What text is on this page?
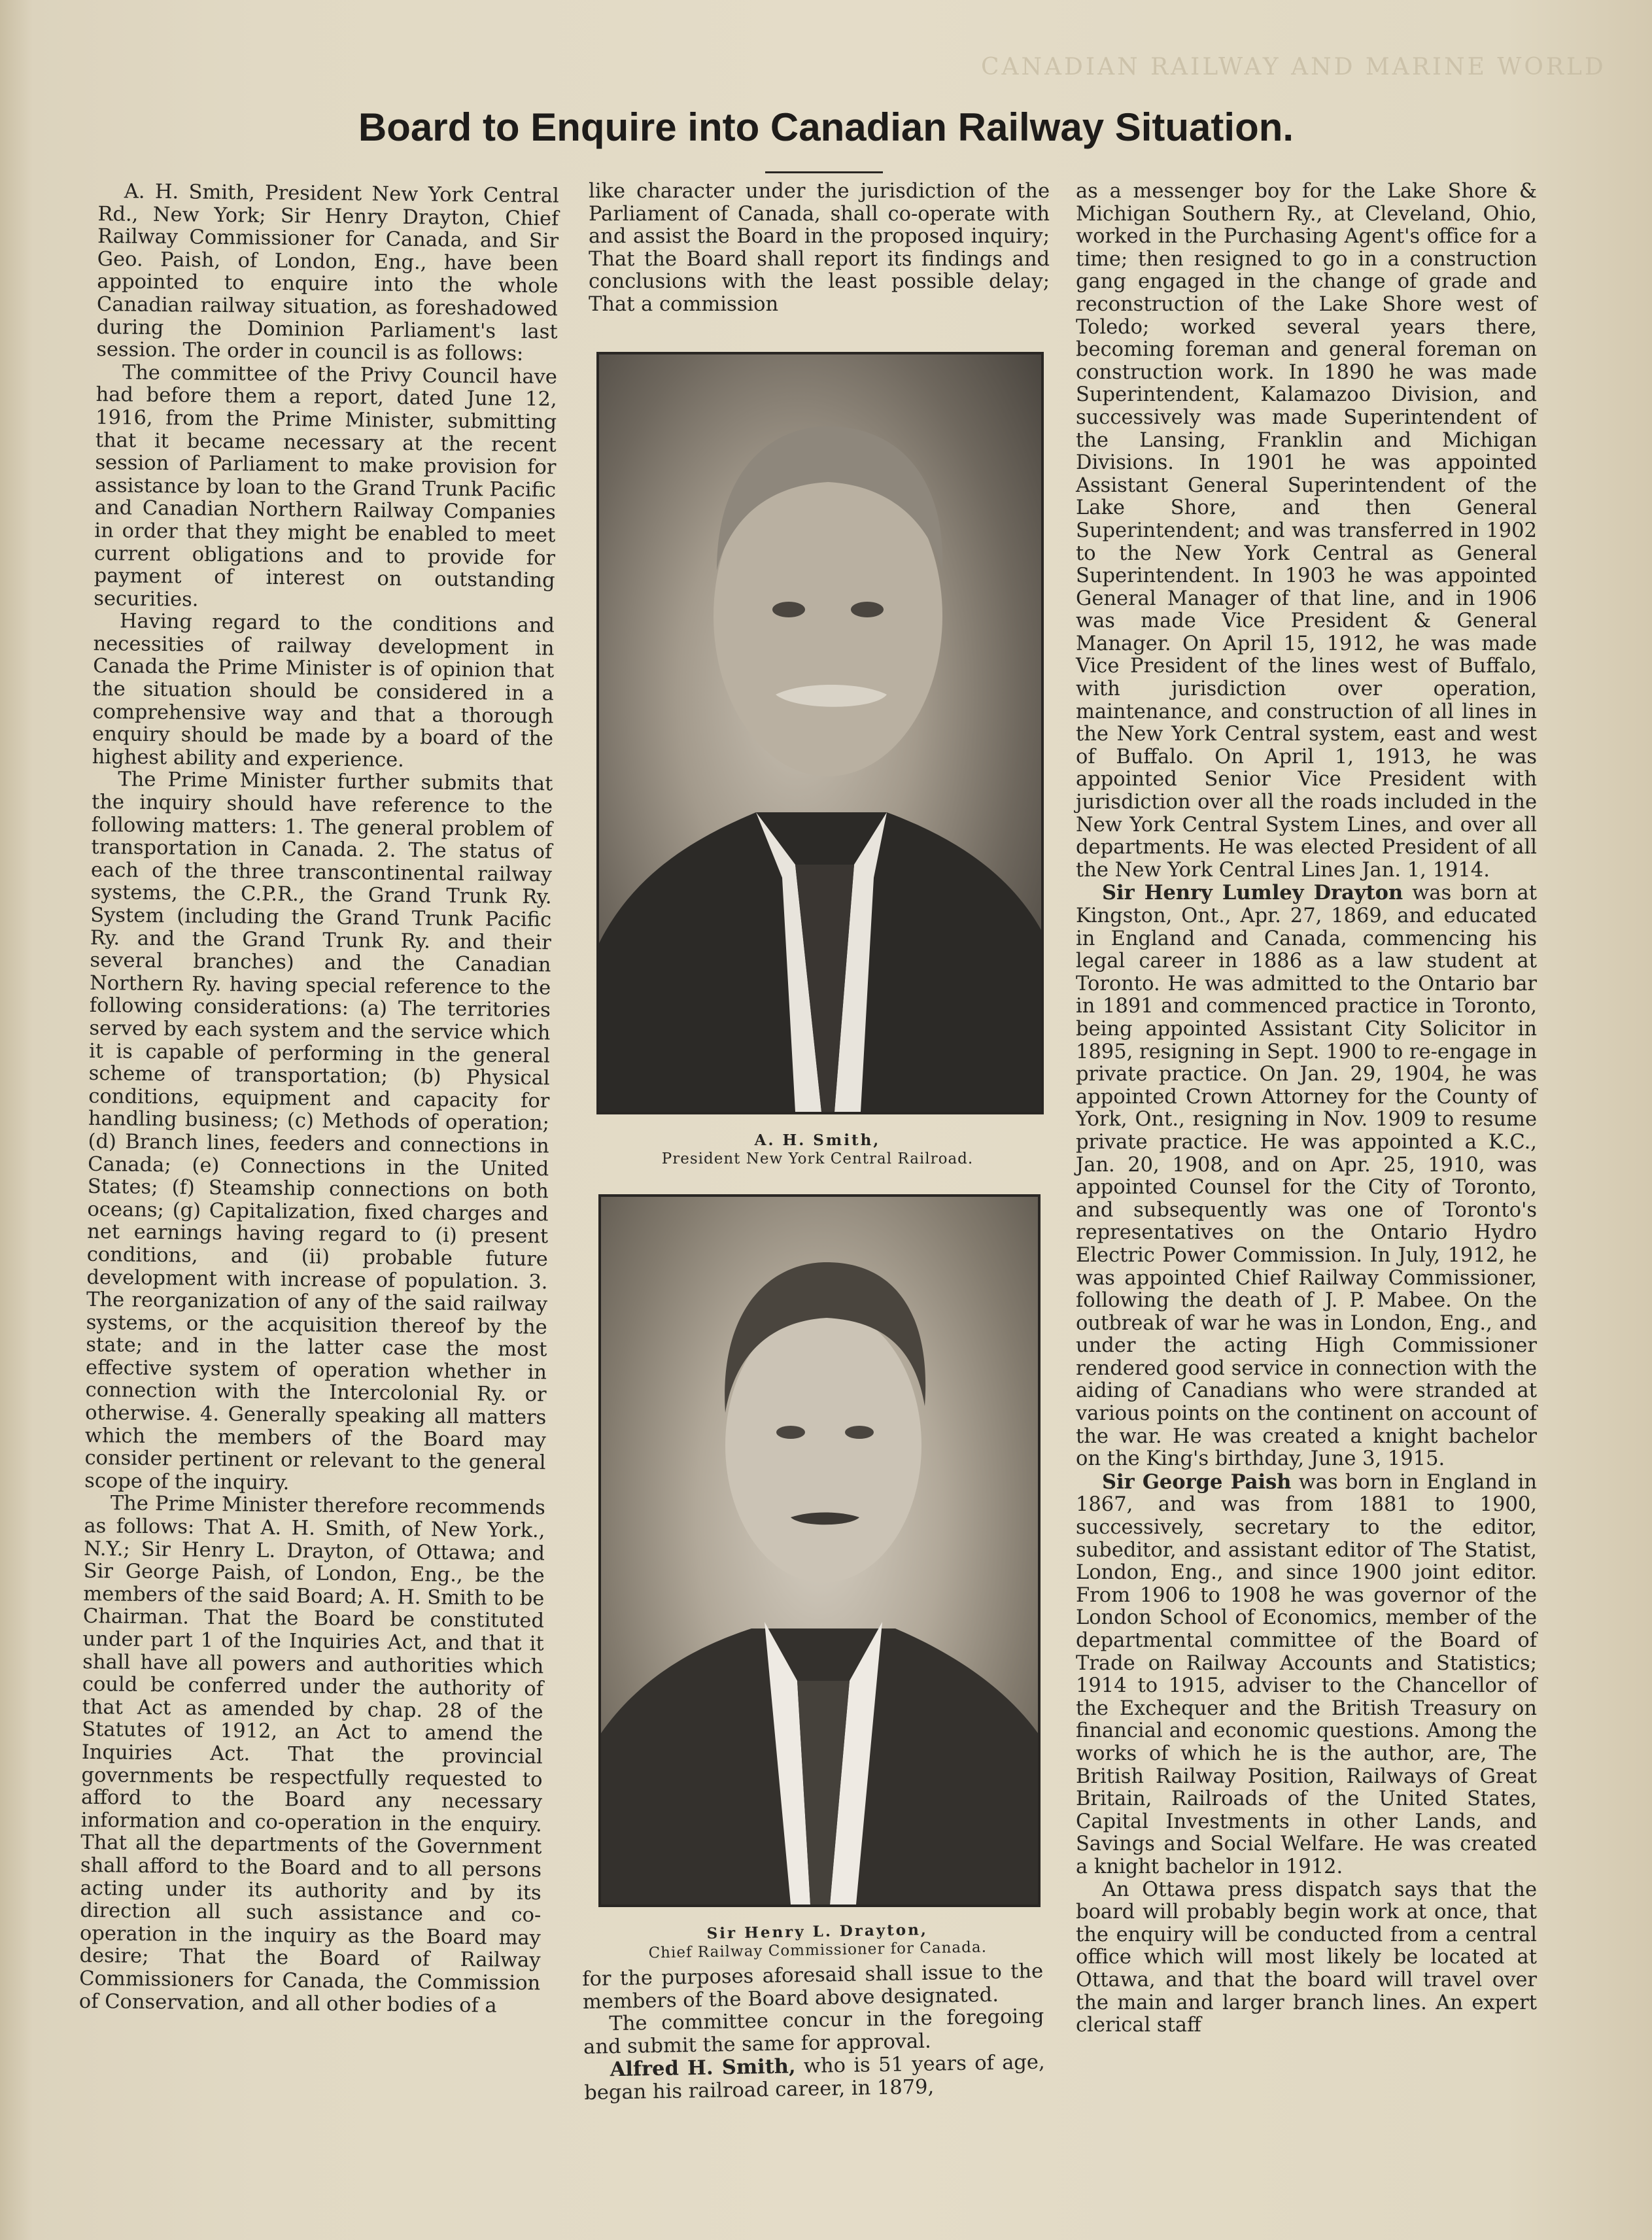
CANADIAN RAILWAY AND MARINE WORLD
Board to Enquire into Canadian Railway Situation.

A. H. Smith, President New York Central Rd., New York; Sir Henry Drayton, Chief Railway Commissioner for Canada, and Sir Geo. Paish, of London, Eng., have been appointed to enquire into the whole Canadian railway situation, as foreshadowed during the Dominion Parliament's last session. The order in council is as follows:

The committee of the Privy Council have had before them a report, dated June 12, 1916, from the Prime Minister, submitting that it became necessary at the recent session of Parliament to make provision for assistance by loan to the Grand Trunk Pacific and Canadian Northern Railway Companies in order that they might be enabled to meet current obligations and to provide for payment of interest on outstanding securities.

Having regard to the conditions and necessities of railway development in Canada the Prime Minister is of opinion that the situation should be considered in a comprehensive way and that a thorough enquiry should be made by a board of the highest ability and experience.

The Prime Minister further submits that the inquiry should have reference to the following matters: 1. The general problem of transportation in Canada. 2. The status of each of the three transcontinental railway systems, the C.P.R., the Grand Trunk Ry. System (including the Grand Trunk Pacific Ry. and the Grand Trunk Ry. and their several branches) and the Canadian Northern Ry. having special reference to the following considerations: (a) The territories served by each system and the service which it is capable of performing in the general scheme of transportation; (b) Physical conditions, equipment and capacity for handling business; (c) Methods of operation; (d) Branch lines, feeders and connections in Canada; (e) Connections in the United States; (f) Steamship connections on both oceans; (g) Capitalization, fixed charges and net earnings having regard to (i) present conditions, and (ii) probable future development with increase of population. 3. The reorganization of any of the said railway systems, or the acquisition thereof by the state; and in the latter case the most effective system of operation whether in connection with the Intercolonial Ry. or otherwise. 4. Generally speaking all matters which the members of the Board may consider pertinent or relevant to the general scope of the inquiry.

The Prime Minister therefore recommends as follows: That A. H. Smith, of New York., N.Y.; Sir Henry L. Drayton, of Ottawa; and Sir George Paish, of London, Eng., be the members of the said Board; A. H. Smith to be Chairman. That the Board be constituted under part 1 of the Inquiries Act, and that it shall have all powers and authorities which could be conferred under the authority of that Act as amended by chap. 28 of the Statutes of 1912, an Act to amend the Inquiries Act. That the provincial governments be respectfully requested to afford to the Board any necessary information and co-operation in the enquiry. That all the departments of the Government shall afford to the Board and to all persons acting under its authority and by its direction all such assistance and co-operation in the inquiry as the Board may desire; That the Board of Railway Commissioners for Canada, the Commission of Conservation, and all other bodies of a

like character under the jurisdiction of the Parliament of Canada, shall co-operate with and assist the Board in the proposed inquiry; That the Board shall report its findings and conclusions with the least possible delay; That a commission

A. H. Smith,
President New York Central Railroad.
Sir Henry L. Drayton,
Chief Railway Commissioner for Canada.

for the purposes aforesaid shall issue to the members of the Board above designated.

The committee concur in the foregoing and submit the same for approval.

Alfred H. Smith, who is 51 years of age, began his railroad career, in 1879,

as a messenger boy for the Lake Shore & Michigan Southern Ry., at Cleveland, Ohio, worked in the Purchasing Agent's office for a time; then resigned to go in a construction gang engaged in the change of grade and reconstruction of the Lake Shore west of Toledo; worked several years there, becoming foreman and general foreman on construction work. In 1890 he was made Superintendent, Kalamazoo Division, and successively was made Superintendent of the Lansing, Franklin and Michigan Divisions. In 1901 he was appointed Assistant General Superintendent of the Lake Shore, and then General Superintendent; and was transferred in 1902 to the New York Central as General Superintendent. In 1903 he was appointed General Manager of that line, and in 1906 was made Vice President & General Manager. On April 15, 1912, he was made Vice President of the lines west of Buffalo, with jurisdiction over operation, maintenance, and construction of all lines in the New York Central system, east and west of Buffalo. On April 1, 1913, he was appointed Senior Vice President with jurisdiction over all the roads included in the New York Central System Lines, and over all departments. He was elected President of all the New York Central Lines Jan. 1, 1914.

Sir Henry Lumley Drayton was born at Kingston, Ont., Apr. 27, 1869, and educated in England and Canada, commencing his legal career in 1886 as a law student at Toronto. He was admitted to the Ontario bar in 1891 and commenced practice in Toronto, being appointed Assistant City Solicitor in 1895, resigning in Sept. 1900 to re-engage in private practice. On Jan. 29, 1904, he was appointed Crown Attorney for the County of York, Ont., resigning in Nov. 1909 to resume private practice. He was appointed a K.C., Jan. 20, 1908, and on Apr. 25, 1910, was appointed Counsel for the City of Toronto, and subsequently was one of Toronto's representatives on the Ontario Hydro Electric Power Commission. In July, 1912, he was appointed Chief Railway Commissioner, following the death of J. P. Mabee. On the outbreak of war he was in London, Eng., and under the acting High Commissioner rendered good service in connection with the aiding of Canadians who were stranded at various points on the continent on account of the war. He was created a knight bachelor on the King's birthday, June 3, 1915.

Sir George Paish was born in England in 1867, and was from 1881 to 1900, successively, secretary to the editor, subeditor, and assistant editor of The Statist, London, Eng., and since 1900 joint editor. From 1906 to 1908 he was governor of the London School of Economics, member of the departmental committee of the Board of Trade on Railway Accounts and Statistics; 1914 to 1915, adviser to the Chancellor of the Exchequer and the British Treasury on financial and economic questions. Among the works of which he is the author, are, The British Railway Position, Railways of Great Britain, Railroads of the United States, Capital Investments in other Lands, and Savings and Social Welfare. He was created a knight bachelor in 1912.

An Ottawa press dispatch says that the board will probably begin work at once, that the enquiry will be conducted from a central office which will most likely be located at Ottawa, and that the board will travel over the main and larger branch lines. An expert clerical staff
